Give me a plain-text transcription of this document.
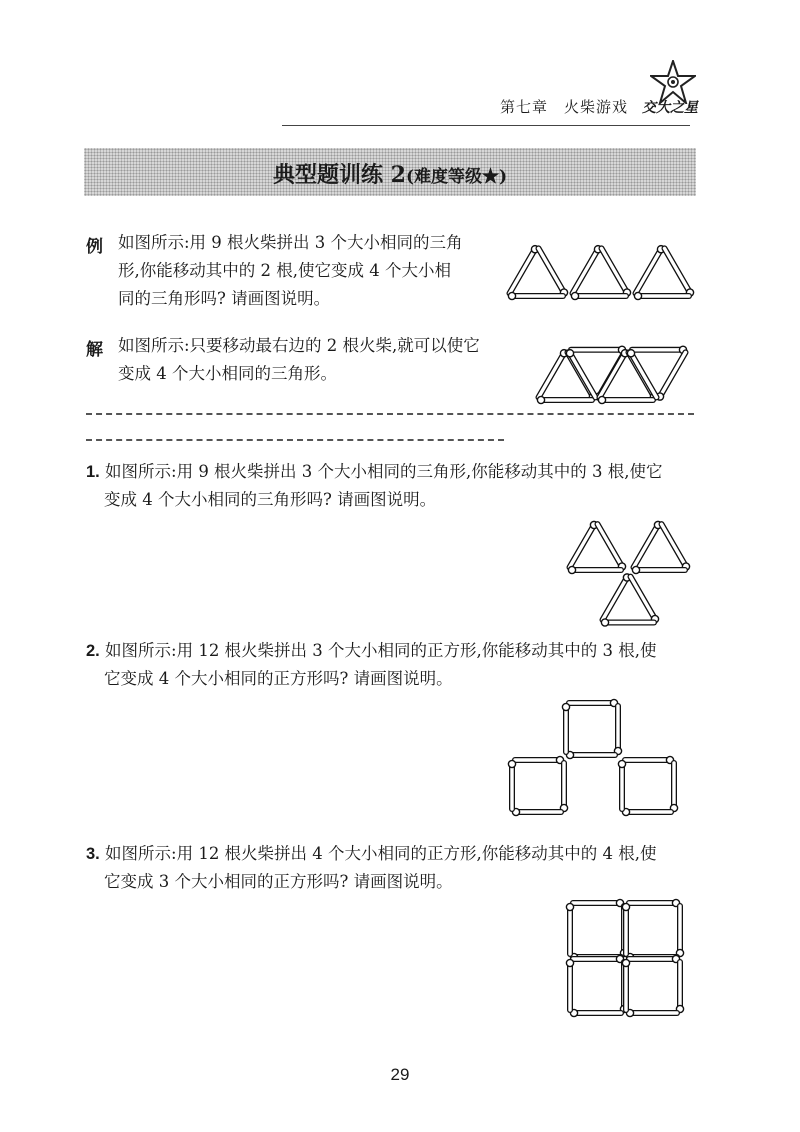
第七章　火柴游戏 交大之星
典型题训练 2(难度等级★)
例 如图所示:用 9 根火柴拼出 3 个大小相同的三角
形,你能移动其中的 2 根,使它变成 4 个大小相
同的三角形吗? 请画图说明。
解 如图所示:只要移动最右边的 2 根火柴,就可以使它
变成 4 个大小相同的三角形。
1. 如图所示:用 9 根火柴拼出 3 个大小相同的三角形,你能移动其中的 3 根,使它
变成 4 个大小相同的三角形吗? 请画图说明。
2. 如图所示:用 12 根火柴拼出 3 个大小相同的正方形,你能移动其中的 3 根,使
它变成 4 个大小相同的正方形吗? 请画图说明。
3. 如图所示:用 12 根火柴拼出 4 个大小相同的正方形,你能移动其中的 4 根,使
它变成 3 个大小相同的正方形吗? 请画图说明。
29
